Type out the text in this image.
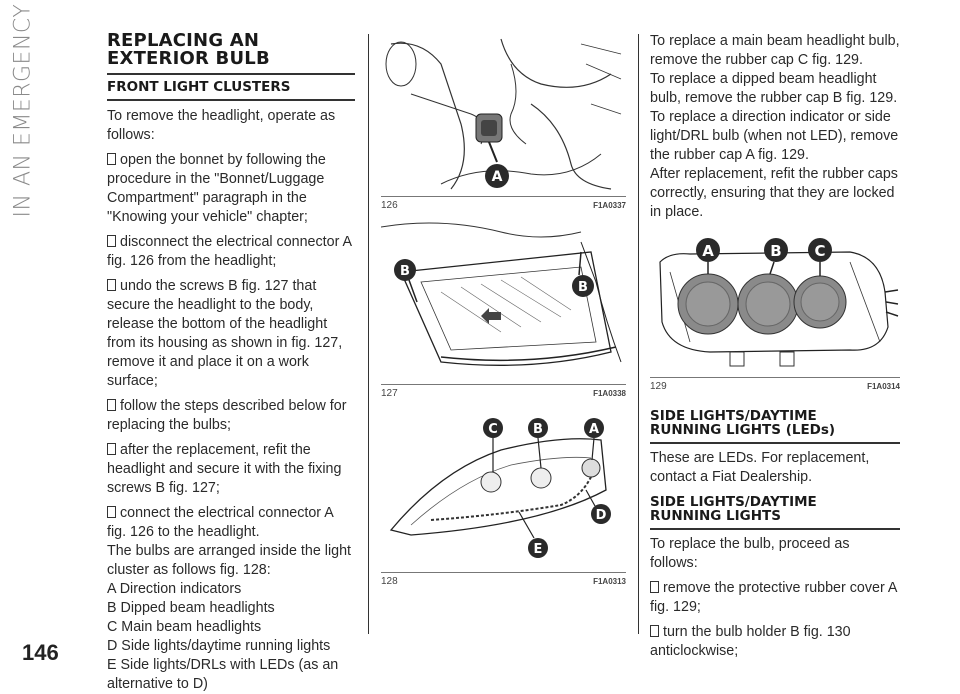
IN AN EMERGENCY
146
REPLACING AN
EXTERIOR BULB
FRONT LIGHT CLUSTERS

To remove the headlight, operate as follows:

open the bonnet by following the procedure in the "Bonnet/Luggage Compartment" paragraph in the "Knowing your vehicle" chapter;

disconnect the electrical connector A fig. 126 from the headlight;

undo the screws B fig. 127 that secure the headlight to the body, release the bottom of the headlight from its housing as shown in fig. 127, remove it and place it on a work surface;

follow the steps described below for replacing the bulbs;

after the replacement, refit the headlight and secure it with the fixing screws B fig. 127;

connect the electrical connector A fig. 126 to the headlight.

The bulbs are arranged inside the light cluster as follows fig. 128:

A Direction indicators

B Dipped beam headlights

C Main beam headlights

D Side lights/daytime running lights

E Side lights/DRLs with LEDs (as an alternative to D)

A
126	F1A0337
B
B
127	F1A0338
C	B	A
D
E
128	F1A0313

To replace a main beam headlight bulb, remove the rubber cap C fig. 129.

To replace a dipped beam headlight bulb, remove the rubber cap B fig. 129.

To replace a direction indicator or side light/DRL bulb (when not LED), remove the rubber cap A fig. 129.

After replacement, refit the rubber caps correctly, ensuring that they are locked in place.

A	B C
129	F1A0314
SIDE LIGHTS/DAYTIME
RUNNING LIGHTS (LEDs)

These are LEDs. For replacement, contact a Fiat Dealership.

SIDE LIGHTS/DAYTIME
RUNNING LIGHTS

To replace the bulb, proceed as follows:

remove the protective rubber cover A fig. 129;

turn the bulb holder B fig. 130 anticlockwise;
